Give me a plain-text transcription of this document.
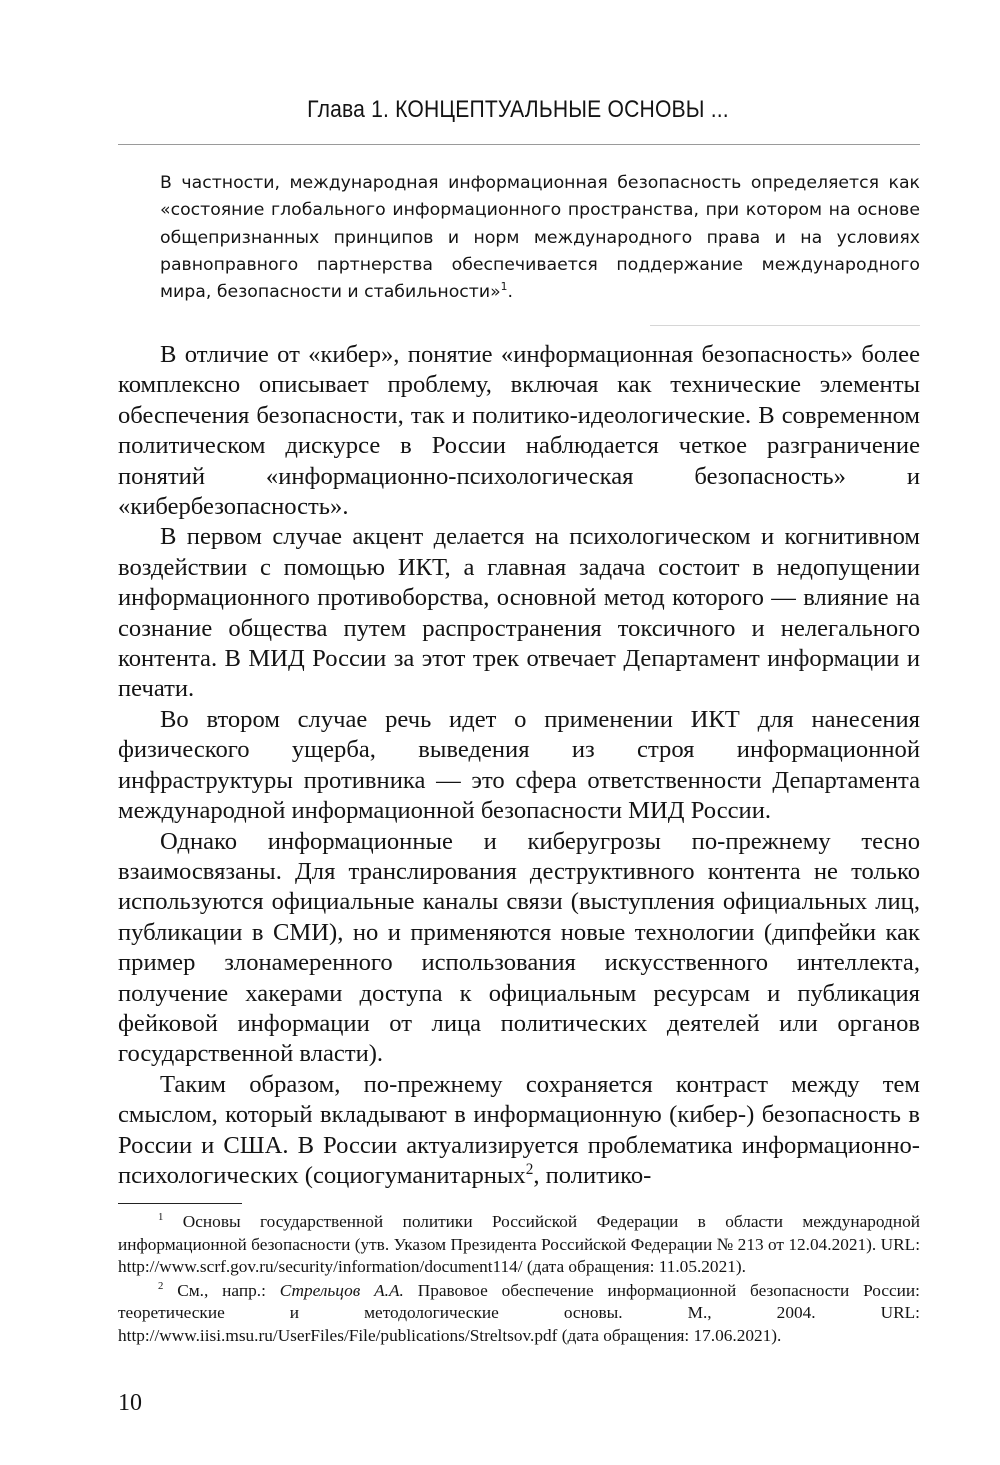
Глава 1. КОНЦЕПТУАЛЬНЫЕ ОСНОВЫ ...

В частности, международная информационная безопасность определяется как «состояние глобального информационного пространства, при котором на основе общепризнанных принципов и норм международного права и на условиях равноправного партнерства обеспечивается поддержание международного мира, безопасности и стабильности»$^1$.

В отличие от «кибер», понятие «информационная безопасность» более комплексно описывает проблему, включая как технические элементы обеспечения безопасности, так и политико-идеологические. В современном политическом дискурсе в России наблюдается четкое разграничение понятий «информационно-психологическая безопасность» и «кибербезопасность».

В первом случае акцент делается на психологическом и когнитивном воздействии с помощью ИКТ, а главная задача состоит в недопущении информационного противоборства, основной метод которого — влияние на сознание общества путем распространения токсичного и нелегального контента. В МИД России за этот трек отвечает Департамент информации и печати.

Во втором случае речь идет о применении ИКТ для нанесения физического ущерба, выведения из строя информационной инфраструктуры противника — это сфера ответственности Департамента международной информационной безопасности МИД России.

Однако информационные и киберугрозы по-прежнему тесно взаимосвязаны. Для транслирования деструктивного контента не только используются официальные каналы связи (выступления официальных лиц, публикации в СМИ), но и применяются новые технологии (дипфейки как пример злонамеренного использования искусственного интеллекта, получение хакерами доступа к официальным ресурсам и публикация фейковой информации от лица политических деятелей или органов государственной власти).

Таким образом, по-прежнему сохраняется контраст между тем смыслом, который вкладывают в информационную (кибер-) безопасность в России и США. В России актуализируется проблематика информационно-психологических (социогуманитарных$^2$, политико-

$^1$ Основы государственной политики Российской Федерации в области международной информационной безопасности (утв. Указом Президента Российской Федерации № 213 от 12.04.2021). URL: http://www.scrf.gov.ru/security/information/document114/ (дата обращения: 11.05.2021).

$^2$ См., напр.: Стрельцов А.А. Правовое обеспечение информационной безопасности России: теоретические и методологические основы. М., 2004. URL: http://www.iisi.msu.ru/UserFiles/File/publications/Streltsov.pdf (дата обращения: 17.06.2021).

10
